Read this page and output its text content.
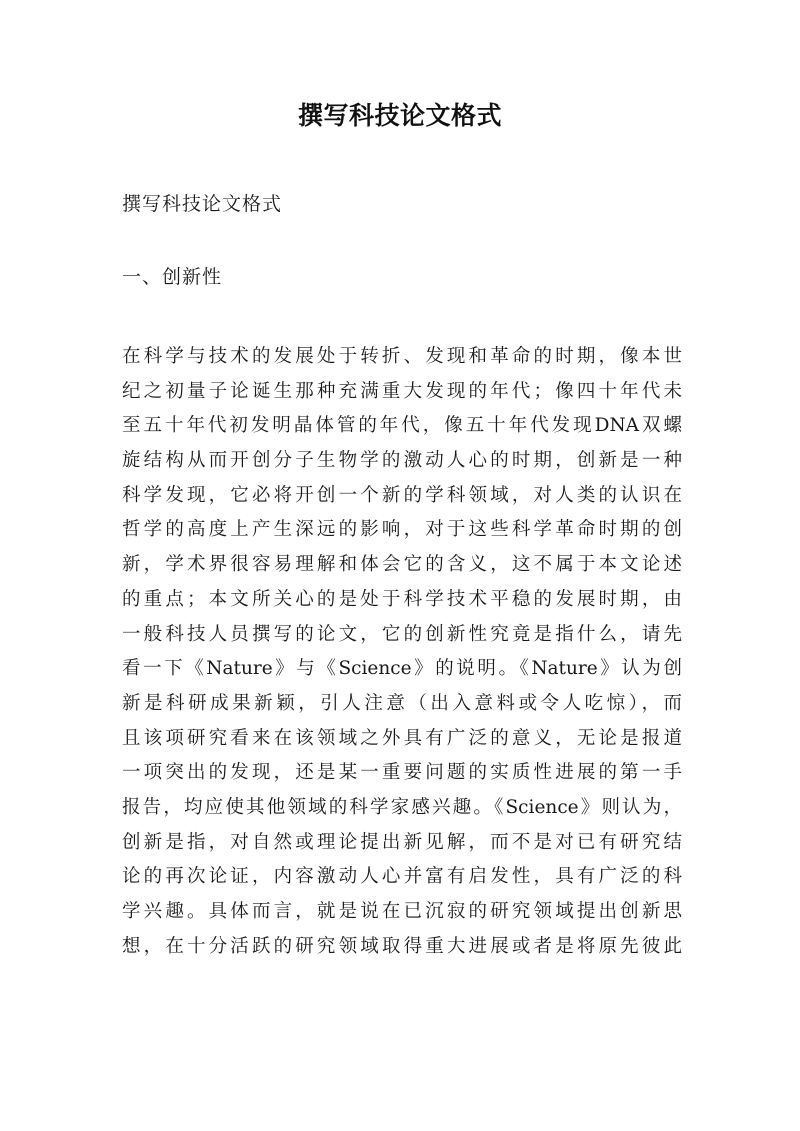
撰写科技论文格式
撰写科技论文格式
一、创新性
在科学与技术的发展处于转折、发现和革命的时期，像本世
纪之初量子论诞生那种充满重大发现的年代；像四十年代未
至五十年代初发明晶体管的年代，像五十年代发现DNA双螺
旋结构从而开创分子生物学的激动人心的时期，创新是一种
科学发现，它必将开创一个新的学科领域，对人类的认识在
哲学的高度上产生深远的影响，对于这些科学革命时期的创
新，学术界很容易理解和体会它的含义，这不属于本文论述
的重点；本文所关心的是处于科学技术平稳的发展时期，由
一般科技人员撰写的论文，它的创新性究竟是指什么，请先
看一下《Nature》与《Science》的说明。《Nature》认为创
新是科研成果新颖，引人注意（出入意料或令人吃惊），而
且该项研究看来在该领域之外具有广泛的意义，无论是报道
一项突出的发现，还是某一重要问题的实质性进展的第一手
报告，均应使其他领域的科学家感兴趣。《Science》则认为，
创新是指，对自然或理论提出新见解，而不是对已有研究结
论的再次论证，内容激动人心并富有启发性，具有广泛的科
学兴趣。具体而言，就是说在已沉寂的研究领域提出创新思
想，在十分活跃的研究领域取得重大进展或者是将原先彼此
